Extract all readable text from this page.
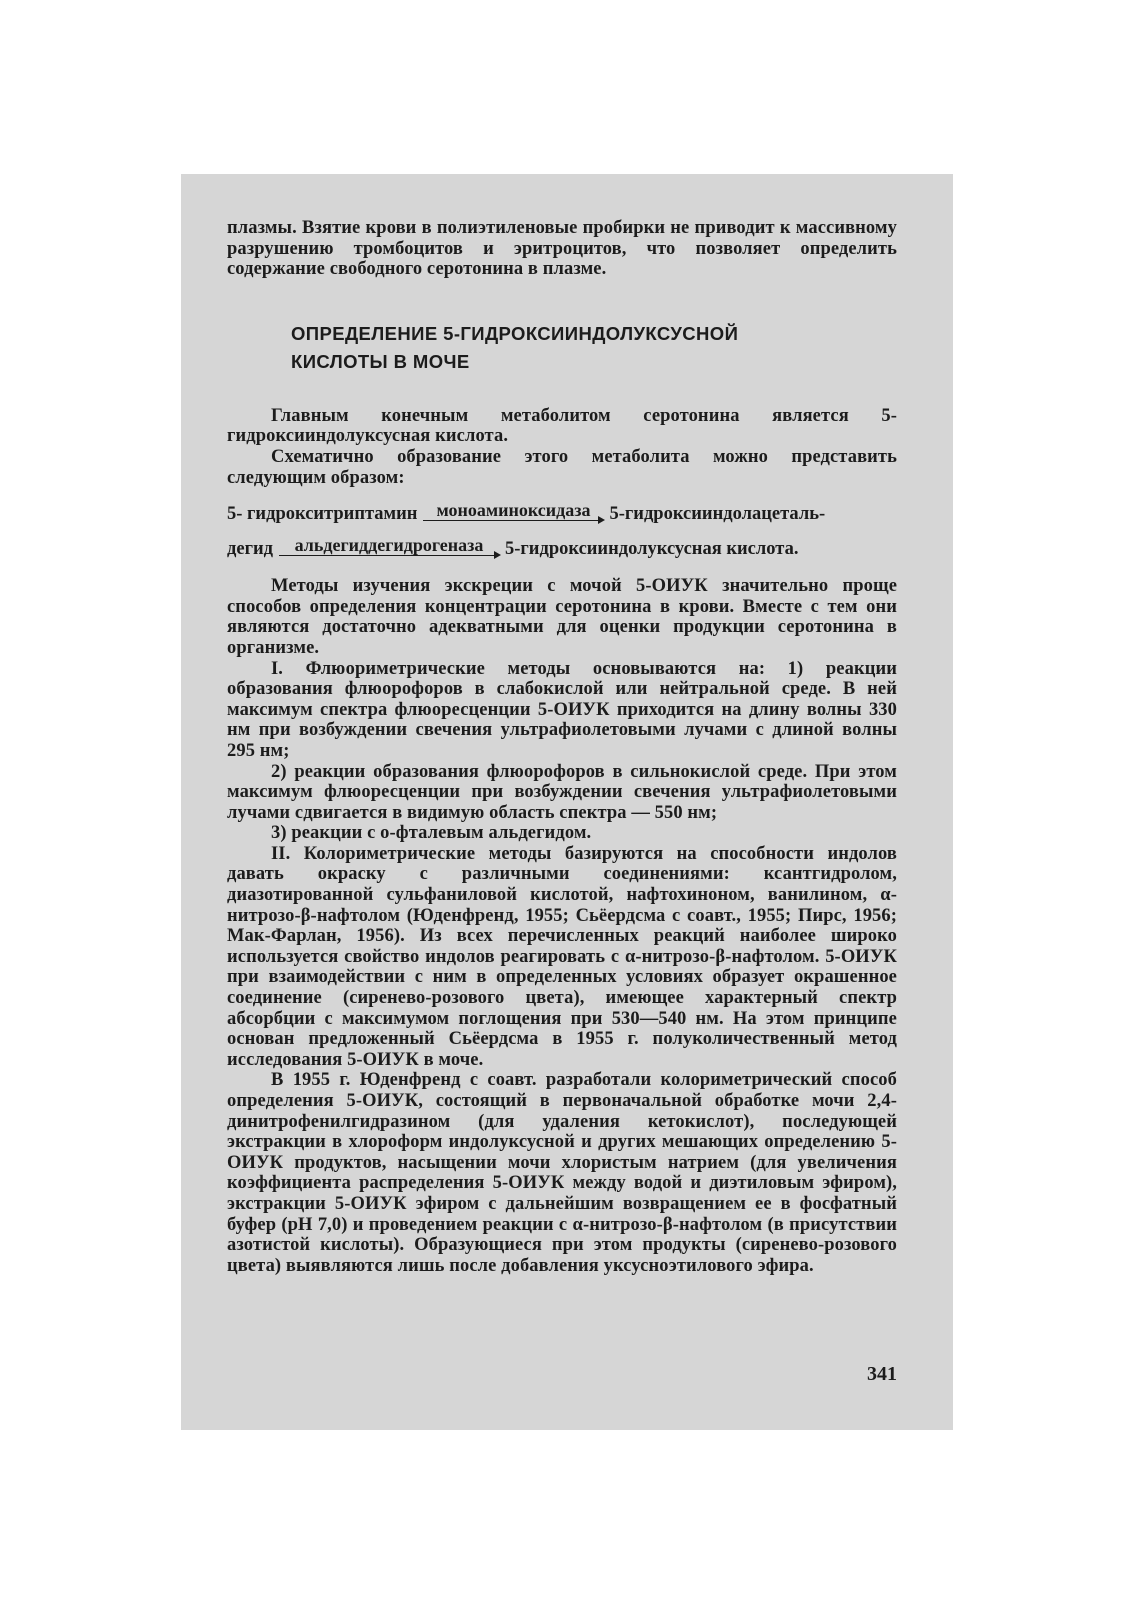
плазмы. Взятие крови в полиэтиленовые пробирки не приводит к массивному разрушению тромбоцитов и эритроцитов, что позволяет определить содержание свободного серотонина в плазме.

ОПРЕДЕЛЕНИЕ 5-ГИДРОКСИИНДОЛУКСУСНОЙ
КИСЛОТЫ В МОЧЕ

Главным конечным метаболитом серотонина является 5-гидроксииндолуксусная кислота.

Схематично образование этого метаболита можно представить следующим образом:

5- гидрокситриптамин моноаминоксидаза 5-гидроксииндолацеталь-
дегид альдегиддегидрогеназа 5-гидроксииндолуксусная кислота.

Методы изучения экскреции с мочой 5-ОИУК значительно проще способов определения концентрации серотонина в крови. Вместе с тем они являются достаточно адекватными для оценки продукции серотонина в организме.

I. Флюориметрические методы основываются на: 1) реакции образования флюорофоров в слабокислой или нейтральной среде. В ней максимум спектра флюоресценции 5-ОИУК приходится на длину волны 330 нм при возбуждении свечения ультрафиолетовыми лучами с длиной волны 295 нм;

2) реакции образования флюорофоров в сильнокислой среде. При этом максимум флюоресценции при возбуждении свечения ультрафиолетовыми лучами сдвигается в видимую область спектра — 550 нм;

3) реакции с о-фталевым альдегидом.

II. Колориметрические методы базируются на способности индолов давать окраску с различными соединениями: ксантгидролом, диазотированной сульфаниловой кислотой, нафтохиноном, ванилином, α-нитрозо-β-нафтолом (Юденфренд, 1955; Сьёердсма с соавт., 1955; Пирс, 1956; Мак-Фарлан, 1956). Из всех перечисленных реакций наиболее широко используется свойство индолов реагировать с α-нитрозо-β-нафтолом. 5-ОИУК при взаимодействии с ним в определенных условиях образует окрашенное соединение (сиренево-розового цвета), имеющее характерный спектр абсорбции с максимумом поглощения при 530—540 нм. На этом принципе основан предложенный Сьёердсма в 1955 г. полуколичественный метод исследования 5-ОИУК в моче.

В 1955 г. Юденфренд с соавт. разработали колориметрический способ определения 5-ОИУК, состоящий в первоначальной обработке мочи 2,4-динитрофенилгидразином (для удаления кетокислот), последующей экстракции в хлороформ индолуксусной и других мешающих определению 5-ОИУК продуктов, насыщении мочи хлористым натрием (для увеличения коэффициента распределения 5-ОИУК между водой и диэтиловым эфиром), экстракции 5-ОИУК эфиром с дальнейшим возвращением ее в фосфатный буфер (pH 7,0) и проведением реакции с α-нитрозо-β-нафтолом (в присутствии азотистой кислоты). Образующиеся при этом продукты (сиренево-розового цвета) выявляются лишь после добавления уксусноэтилового эфира.

341
